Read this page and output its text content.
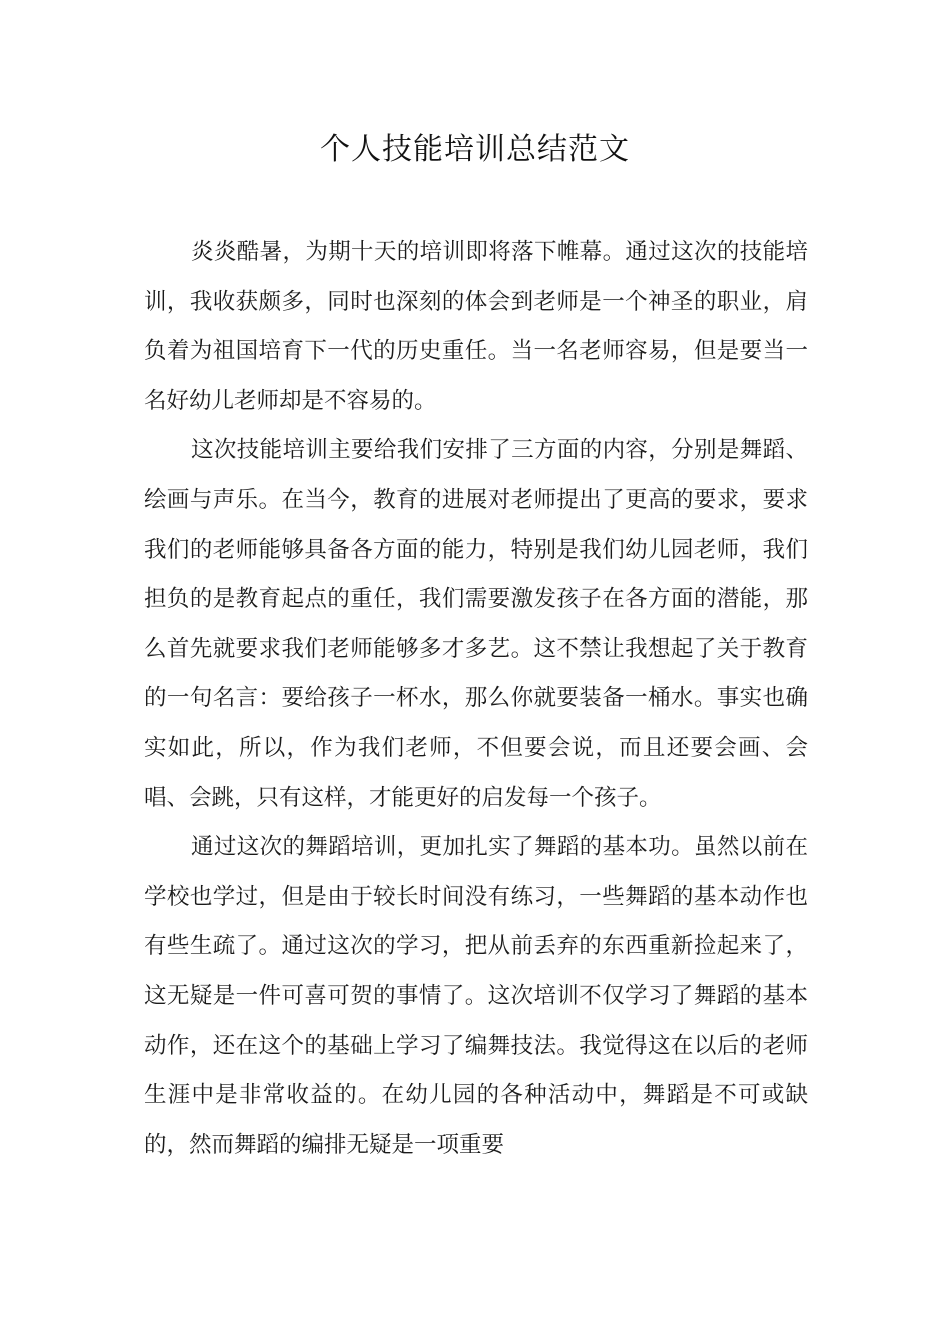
个人技能培训总结范文

炎炎酷暑，为期十天的培训即将落下帷幕。通过这次的技能培训，我收获颇多，同时也深刻的体会到老师是一个神圣的职业，肩负着为祖国培育下一代的历史重任。当一名老师容易，但是要当一名好幼儿老师却是不容易的。

这次技能培训主要给我们安排了三方面的内容，分别是舞蹈、绘画与声乐。在当今，教育的进展对老师提出了更高的要求，要求我们的老师能够具备各方面的能力，特别是我们幼儿园老师，我们担负的是教育起点的重任，我们需要激发孩子在各方面的潜能，那么首先就要求我们老师能够多才多艺。这不禁让我想起了关于教育的一句名言：要给孩子一杯水，那么你就要装备一桶水。事实也确实如此，所以，作为我们老师，不但要会说，而且还要会画、会唱、会跳，只有这样，才能更好的启发每一个孩子。

通过这次的舞蹈培训，更加扎实了舞蹈的基本功。虽然以前在学校也学过，但是由于较长时间没有练习，一些舞蹈的基本动作也有些生疏了。通过这次的学习，把从前丢弃的东西重新捡起来了，这无疑是一件可喜可贺的事情了。这次培训不仅学习了舞蹈的基本动作，还在这个的基础上学习了编舞技法。我觉得这在以后的老师生涯中是非常收益的。在幼儿园的各种活动中，舞蹈是不可或缺的，然而舞蹈的编排无疑是一项重要
